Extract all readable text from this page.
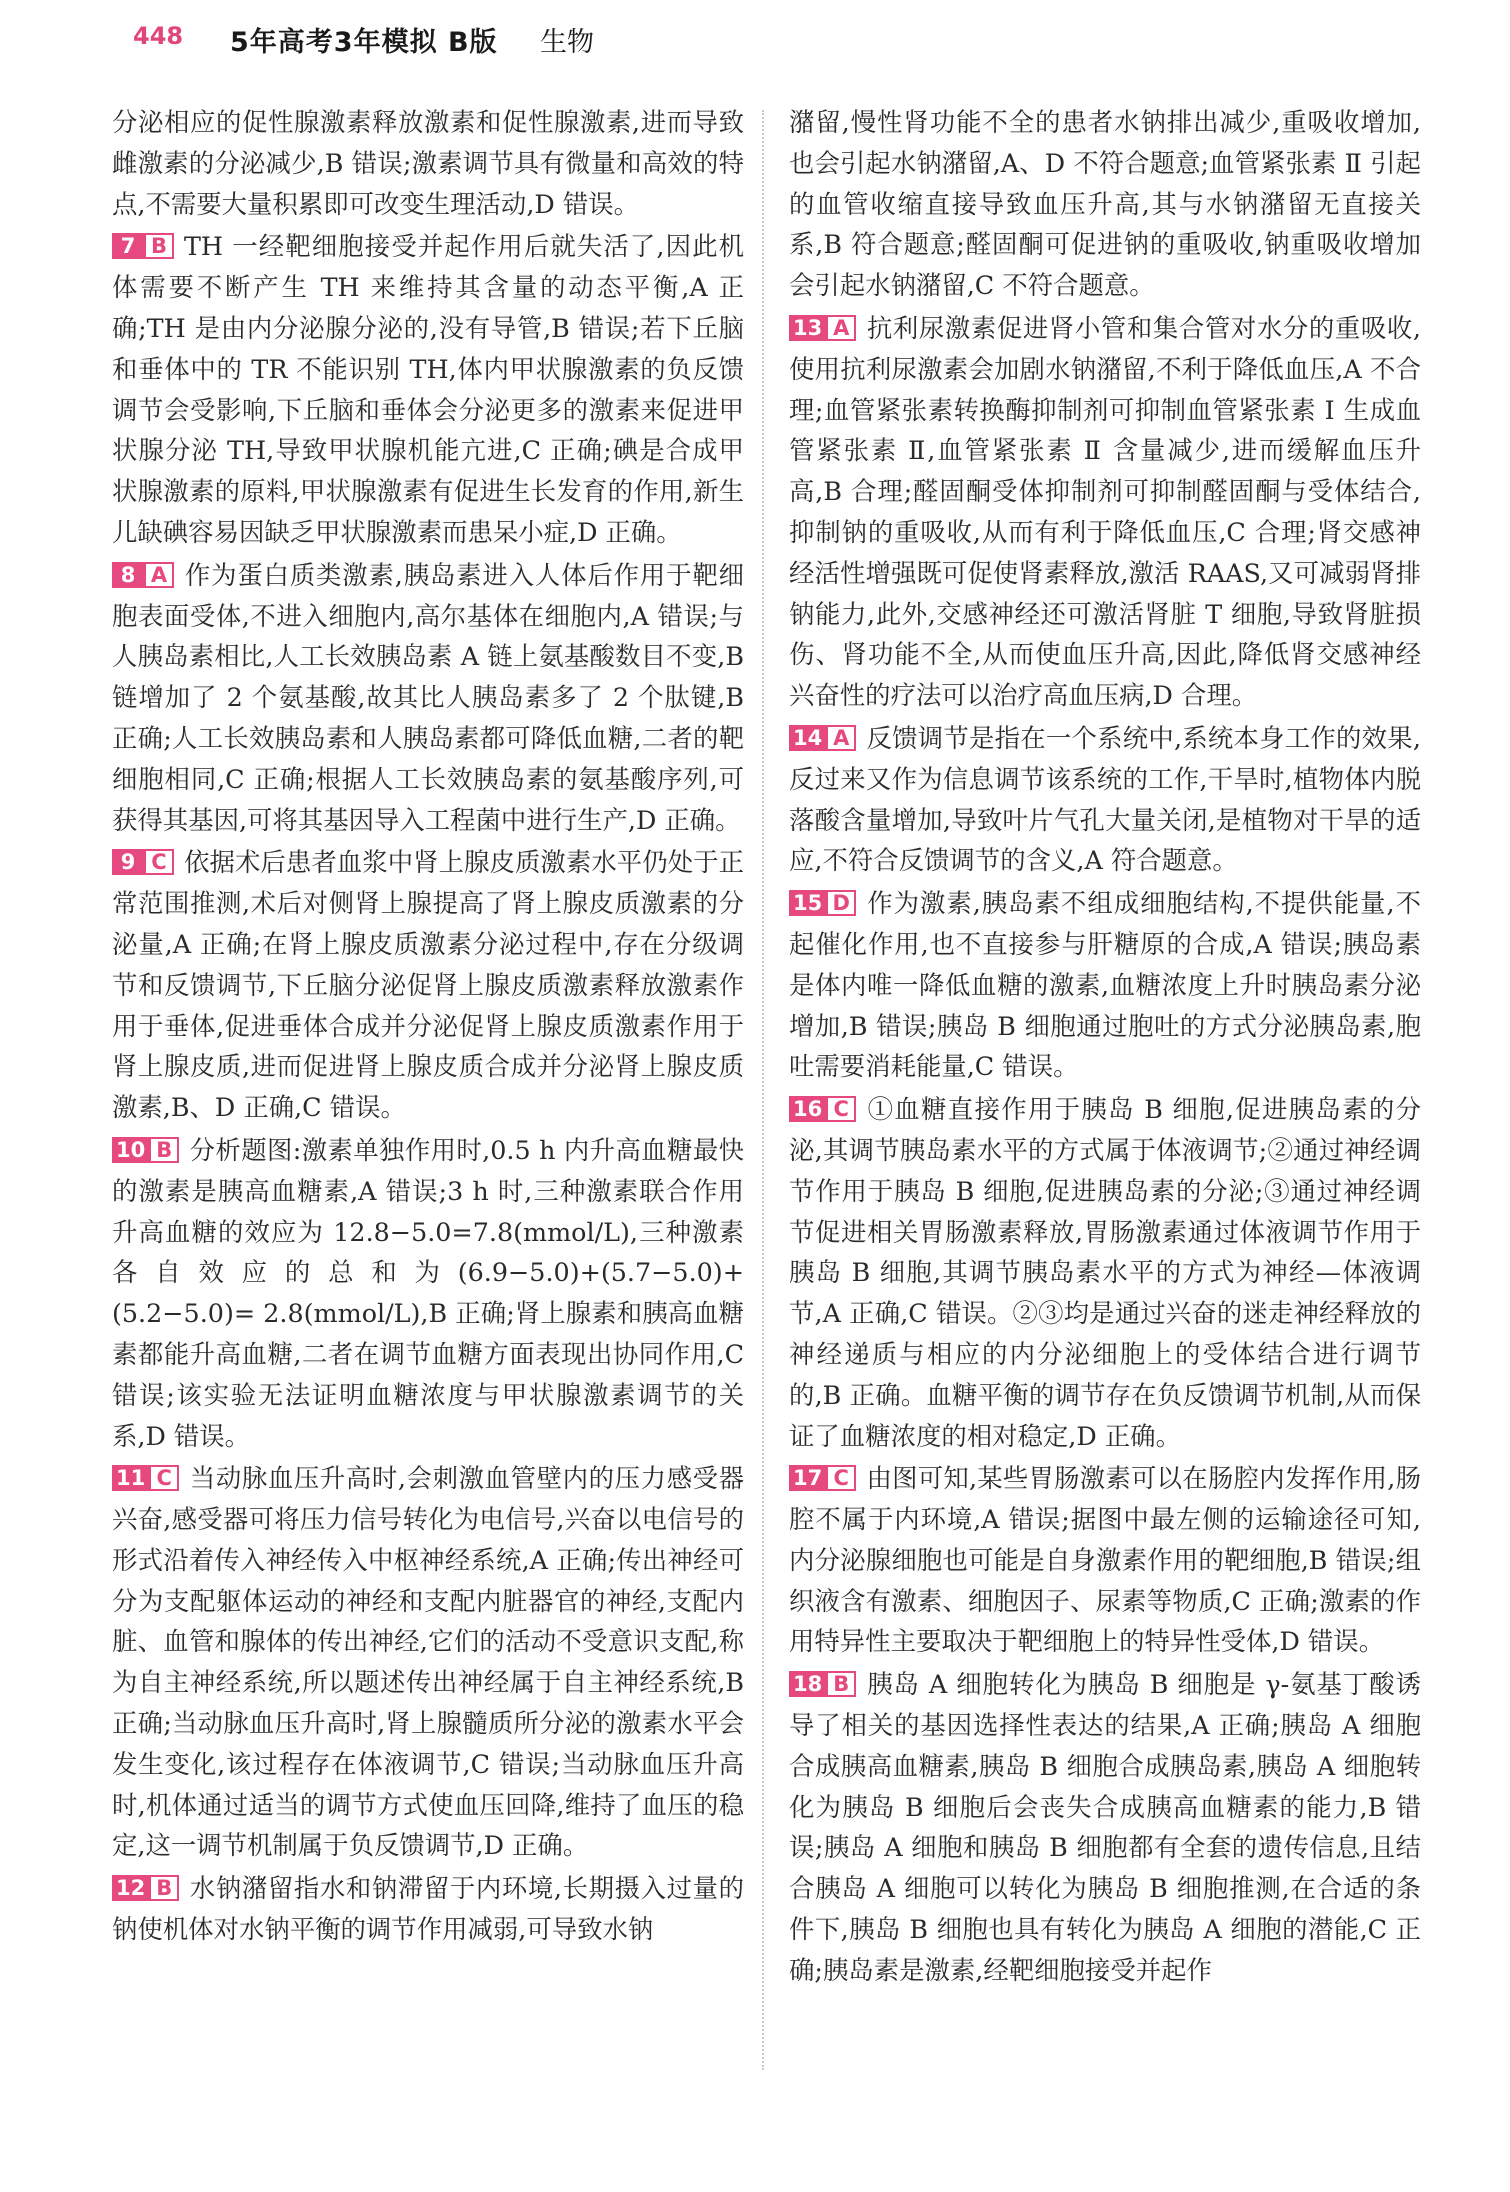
448 5年高考3年模拟 B版 生物

分泌相应的促性腺激素释放激素和促性腺激素,进而导致雌激素的分泌减少,B 错误;激素调节具有微量和高效的特点,不需要大量积累即可改变生理活动,D 错误。

7 B TH 一经靶细胞接受并起作用后就失活了,因此机体需要不断产生 TH 来维持其含量的动态平衡,A 正确;TH 是由内分泌腺分泌的,没有导管,B 错误;若下丘脑和垂体中的 TR 不能识别 TH,体内甲状腺激素的负反馈调节会受影响,下丘脑和垂体会分泌更多的激素来促进甲状腺分泌 TH,导致甲状腺机能亢进,C 正确;碘是合成甲状腺激素的原料,甲状腺激素有促进生长发育的作用,新生儿缺碘容易因缺乏甲状腺激素而患呆小症,D 正确。

8 A 作为蛋白质类激素,胰岛素进入人体后作用于靶细胞表面受体,不进入细胞内,高尔基体在细胞内,A 错误;与人胰岛素相比,人工长效胰岛素 A 链上氨基酸数目不变,B 链增加了 2 个氨基酸,故其比人胰岛素多了 2 个肽键,B 正确;人工长效胰岛素和人胰岛素都可降低血糖,二者的靶细胞相同,C 正确;根据人工长效胰岛素的氨基酸序列,可获得其基因,可将其基因导入工程菌中进行生产,D 正确。

9 C 依据术后患者血浆中肾上腺皮质激素水平仍处于正常范围推测,术后对侧肾上腺提高了肾上腺皮质激素的分泌量,A 正确;在肾上腺皮质激素分泌过程中,存在分级调节和反馈调节,下丘脑分泌促肾上腺皮质激素释放激素作用于垂体,促进垂体合成并分泌促肾上腺皮质激素作用于肾上腺皮质,进而促进肾上腺皮质合成并分泌肾上腺皮质激素,B、D 正确,C 错误。

10 B 分析题图:激素单独作用时,0.5 h 内升高血糖最快的激素是胰高血糖素,A 错误;3 h 时,三种激素联合作用升高血糖的效应为 12.8−5.0=7.8(mmol/L),三种激素各自效应的总和为(6.9−5.0)+(5.7−5.0)+(5.2−5.0)= 2.8(mmol/L),B 正确;肾上腺素和胰高血糖素都能升高血糖,二者在调节血糖方面表现出协同作用,C 错误;该实验无法证明血糖浓度与甲状腺激素调节的关系,D 错误。

11 C 当动脉血压升高时,会刺激血管壁内的压力感受器兴奋,感受器可将压力信号转化为电信号,兴奋以电信号的形式沿着传入神经传入中枢神经系统,A 正确;传出神经可分为支配躯体运动的神经和支配内脏器官的神经,支配内脏、血管和腺体的传出神经,它们的活动不受意识支配,称为自主神经系统,所以题述传出神经属于自主神经系统,B 正确;当动脉血压升高时,肾上腺髓质所分泌的激素水平会发生变化,该过程存在体液调节,C 错误;当动脉血压升高时,机体通过适当的调节方式使血压回降,维持了血压的稳定,这一调节机制属于负反馈调节,D 正确。

12 B 水钠潴留指水和钠滞留于内环境,长期摄入过量的钠使机体对水钠平衡的调节作用减弱,可导致水钠

潴留,慢性肾功能不全的患者水钠排出减少,重吸收增加,也会引起水钠潴留,A、D 不符合题意;血管紧张素 Ⅱ 引起的血管收缩直接导致血压升高,其与水钠潴留无直接关系,B 符合题意;醛固酮可促进钠的重吸收,钠重吸收增加会引起水钠潴留,C 不符合题意。

13 A 抗利尿激素促进肾小管和集合管对水分的重吸收,使用抗利尿激素会加剧水钠潴留,不利于降低血压,A 不合理;血管紧张素转换酶抑制剂可抑制血管紧张素 Ⅰ 生成血管紧张素 Ⅱ,血管紧张素 Ⅱ 含量减少,进而缓解血压升高,B 合理;醛固酮受体抑制剂可抑制醛固酮与受体结合,抑制钠的重吸收,从而有利于降低血压,C 合理;肾交感神经活性增强既可促使肾素释放,激活 RAAS,又可减弱肾排钠能力,此外,交感神经还可激活肾脏 T 细胞,导致肾脏损伤、肾功能不全,从而使血压升高,因此,降低肾交感神经兴奋性的疗法可以治疗高血压病,D 合理。

14 A 反馈调节是指在一个系统中,系统本身工作的效果,反过来又作为信息调节该系统的工作,干旱时,植物体内脱落酸含量增加,导致叶片气孔大量关闭,是植物对干旱的适应,不符合反馈调节的含义,A 符合题意。

15 D 作为激素,胰岛素不组成细胞结构,不提供能量,不起催化作用,也不直接参与肝糖原的合成,A 错误;胰岛素是体内唯一降低血糖的激素,血糖浓度上升时胰岛素分泌增加,B 错误;胰岛 B 细胞通过胞吐的方式分泌胰岛素,胞吐需要消耗能量,C 错误。

16 C ①血糖直接作用于胰岛 B 细胞,促进胰岛素的分泌,其调节胰岛素水平的方式属于体液调节;②通过神经调节作用于胰岛 B 细胞,促进胰岛素的分泌;③通过神经调节促进相关胃肠激素释放,胃肠激素通过体液调节作用于胰岛 B 细胞,其调节胰岛素水平的方式为神经—体液调节,A 正确,C 错误。②③均是通过兴奋的迷走神经释放的神经递质与相应的内分泌细胞上的受体结合进行调节的,B 正确。血糖平衡的调节存在负反馈调节机制,从而保证了血糖浓度的相对稳定,D 正确。

17 C 由图可知,某些胃肠激素可以在肠腔内发挥作用,肠腔不属于内环境,A 错误;据图中最左侧的运输途径可知,内分泌腺细胞也可能是自身激素作用的靶细胞,B 错误;组织液含有激素、细胞因子、尿素等物质,C 正确;激素的作用特异性主要取决于靶细胞上的特异性受体,D 错误。

18 B 胰岛 A 细胞转化为胰岛 B 细胞是 γ-氨基丁酸诱导了相关的基因选择性表达的结果,A 正确;胰岛 A 细胞合成胰高血糖素,胰岛 B 细胞合成胰岛素,胰岛 A 细胞转化为胰岛 B 细胞后会丧失合成胰高血糖素的能力,B 错误;胰岛 A 细胞和胰岛 B 细胞都有全套的遗传信息,且结合胰岛 A 细胞可以转化为胰岛 B 细胞推测,在合适的条件下,胰岛 B 细胞也具有转化为胰岛 A 细胞的潜能,C 正确;胰岛素是激素,经靶细胞接受并起作
